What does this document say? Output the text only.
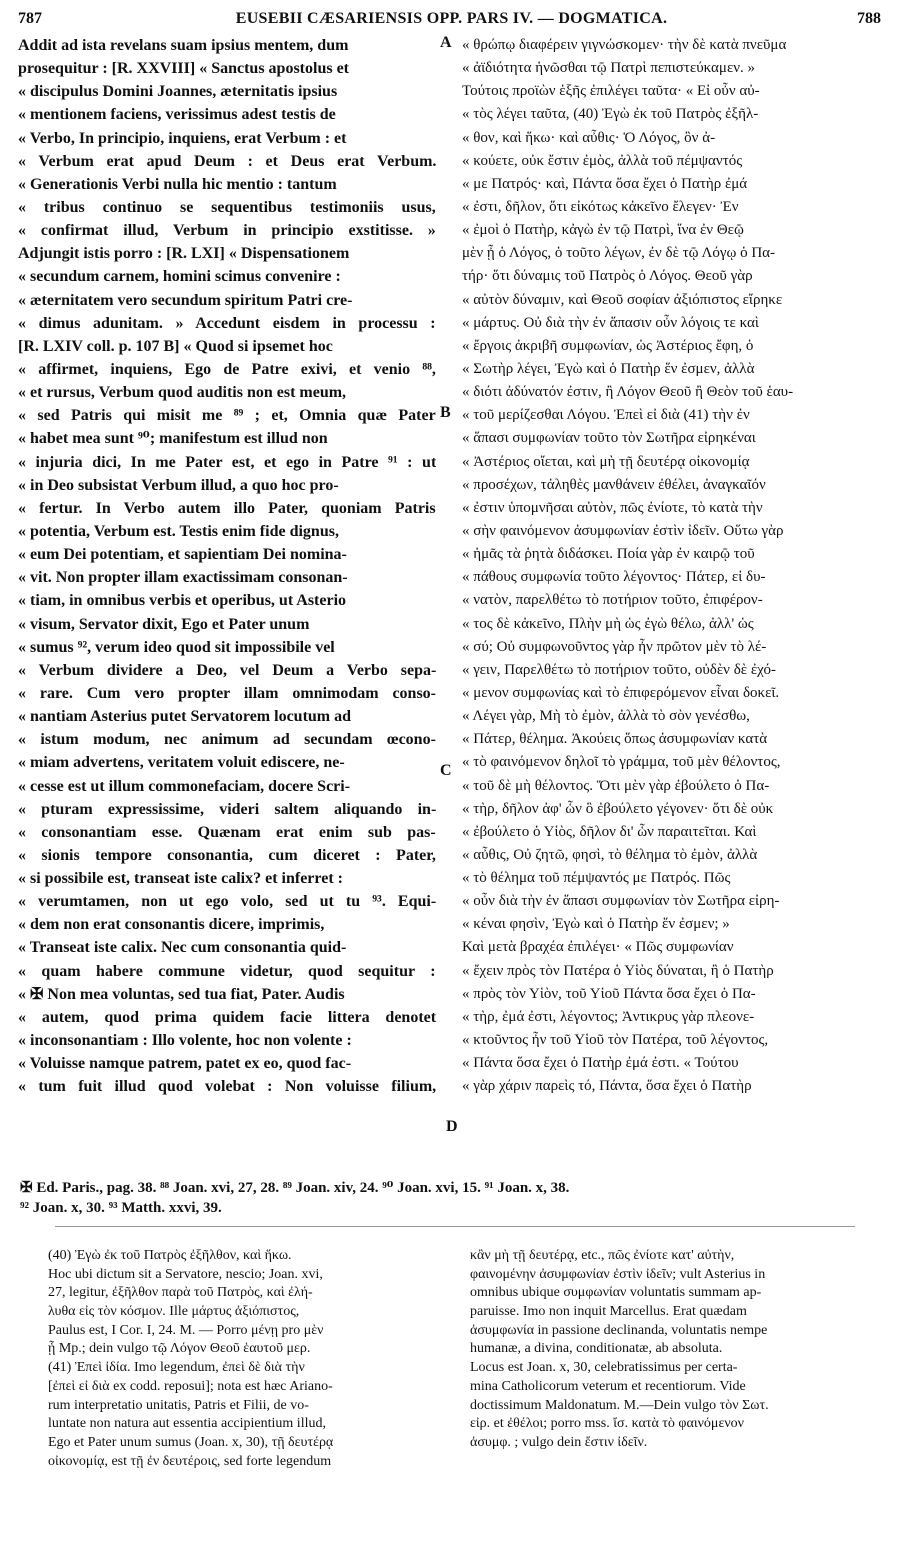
787	EUSEBII CÆSARIENSIS OPP. PARS IV. — DOGMATICA.	788
Addit ad ista revelans suam ipsius mentem, dum
prosequitur : [R. XXVIII] « Sanctus apostolus et
« discipulus Domini Joannes, æternitatis ipsius
« mentionem faciens, verissimus adest testis de
« Verbo, In principio, inquiens, erat Verbum : et
« Verbum erat apud Deum : et Deus erat Verbum.
« Generationis Verbi nulla hic mentio : tantum
« tribus continuo se sequentibus testimoniis usus,
« confirmat illud, Verbum in principio exstitisse. »
Adjungit istis porro : [R. LXI] « Dispensationem
« secundum carnem, homini scimus convenire :
« æternitatem vero secundum spiritum Patri cre-
« dimus adunitam. » Accedunt eisdem in processu :
[R. LXIV coll. p. 107 B] « Quod si ipsemet hoc
« affirmet, inquiens, Ego de Patre exivi, et venio ⁸⁸,
« et rursus, Verbum quod auditis non est meum,
« sed Patris qui misit me ⁸⁹ ; et, Omnia quæ Pater
« habet mea sunt ⁹⁰; manifestum est illud non
« injuria dici, In me Pater est, et ego in Patre ⁹¹ : ut
« in Deo subsistat Verbum illud, a quo hoc pro-
« fertur. In Verbo autem illo Pater, quoniam Patris
« potentia, Verbum est. Testis enim fide dignus,
« eum Dei potentiam, et sapientiam Dei nomina-
« vit. Non propter illam exactissimam consonan-
« tiam, in omnibus verbis et operibus, ut Asterio
« visum, Servator dixit, Ego et Pater unum
« sumus ⁹², verum ideo quod sit impossibile vel
« Verbum dividere a Deo, vel Deum a Verbo sepa-
« rare. Cum vero propter illam omnimodam conso-
« nantiam Asterius putet Servatorem locutum ad
« istum modum, nec animum ad secundam œcono-
« miam advertens, veritatem voluit ediscere, ne-
« cesse est ut illum commonefaciam, docere Scri-
« pturam expressissime, videri saltem aliquando in-
« consonantiam esse. Quænam erat enim sub pas-
« sionis tempore consonantia, cum diceret : Pater,
« si possibile est, transeat iste calix? et inferret :
« verumtamen, non ut ego volo, sed ut tu ⁹³. Equi-
« dem non erat consonantis dicere, imprimis,
« Transeat iste calix. Nec cum consonantia quid-
« quam habere commune videtur, quod sequitur :
« ✠ Non mea voluntas, sed tua fiat, Pater. Audis
« autem, quod prima quidem facie littera denotet
« inconsonantiam : Illo volente, hoc non volente :
« Voluisse namque patrem, patet ex eo, quod fac-
« tum fuit illud quod volebat : Non voluisse filium,
« θρώπῳ διαφέρειν γιγνώσκομεν· τὴν δὲ κατὰ πνεῦμα
« ἀϊδιότητα ἡνῶσθαι τῷ Πατρὶ πεπιστεύκαμεν. »
Τούτοις προϊὼν ἑξῆς ἐπιλέγει ταῦτα· « Εἰ οὖν αὐ-
« τὸς λέγει ταῦτα, (40) Ἐγὼ ἐκ τοῦ Πατρὸς ἐξῆλ-
« θον, καὶ ἥκω· καὶ αὖθις· Ὁ Λόγος, ὃν ἀ-
« κούετε, οὐκ ἔστιν ἐμὸς, ἀλλὰ τοῦ πέμψαντός
« με Πατρός· καὶ, Πάντα ὅσα ἔχει ὁ Πατὴρ ἐμά
« ἐστι, δῆλον, ὅτι εἰκότως κἀκεῖνο ἔλεγεν· Ἐν
« ἐμοὶ ὁ Πατὴρ, κἀγὼ ἐν τῷ Πατρὶ, ἵνα ἐν Θεῷ
μὲν ᾖ ὁ Λόγος, ὁ τοῦτο λέγων, ἐν δὲ τῷ Λόγῳ ὁ Πα-
τήρ· ὅτι δύναμις τοῦ Πατρὸς ὁ Λόγος. Θεοῦ γὰρ
« αὐτὸν δύναμιν, καὶ Θεοῦ σοφίαν ἀξιόπιστος εἴρηκε
« μάρτυς. Οὐ διὰ τὴν ἐν ἅπασιν οὖν λόγοις τε καὶ
« ἔργοις ἀκριβῆ συμφωνίαν, ὡς Ἀστέριος ἔφη, ὁ
« Σωτὴρ λέγει, Ἐγὼ καὶ ὁ Πατὴρ ἕν ἐσμεν, ἀλλὰ
« διότι ἀδύνατόν ἐστιν, ἢ Λόγον Θεοῦ ἢ Θεὸν τοῦ ἑαυ-
« τοῦ μερίζεσθαι Λόγου. Ἐπεὶ εἰ διὰ (41) τὴν ἐν
« ἅπασι συμφωνίαν τοῦτο τὸν Σωτῆρα εἰρηκέναι
« Ἀστέριος οἴεται, καὶ μὴ τῇ δευτέρᾳ οἰκονομίᾳ
« προσέχων, τἀληθὲς μανθάνειν ἐθέλει, ἀναγκαῖόν
« ἐστιν ὑπομνῆσαι αὐτὸν, πῶς ἐνίοτε, τὸ κατὰ τὴν
« σὴν φαινόμενον ἀσυμφωνίαν ἐστὶν ἰδεῖν. Οὕτω γὰρ
« ἡμᾶς τὰ ῥητὰ διδάσκει. Ποία γὰρ ἐν καιρῷ τοῦ
« πάθους συμφωνία τοῦτο λέγοντος· Πάτερ, εἰ δυ-
« νατὸν, παρελθέτω τὸ ποτήριον τοῦτο, ἐπιφέρον-
« τος δὲ κἀκεῖνο, Πλὴν μὴ ὡς ἐγὼ θέλω, ἀλλ' ὡς
« σύ; Οὐ συμφωνοῦντος γὰρ ἦν πρῶτον μὲν τὸ λέ-
« γειν, Παρελθέτω τὸ ποτήριον τοῦτο, οὐδὲν δὲ ἐχό-
« μενον συμφωνίας καὶ τὸ ἐπιφερόμενον εἶναι δοκεῖ.
« Λέγει γὰρ, Μὴ τὸ ἐμὸν, ἀλλὰ τὸ σὸν γενέσθω,
« Πάτερ, θέλημα. Ἀκούεις ὅπως ἀσυμφωνίαν κατὰ
« τὸ φαινόμενον δηλοῖ τὸ γράμμα, τοῦ μὲν θέλοντος,
« τοῦ δὲ μὴ θέλοντος. Ὅτι μὲν γὰρ ἐβούλετο ὁ Πα-
« τὴρ, δῆλον ἀφ' ὧν ὃ ἐβούλετο γέγονεν· ὅτι δὲ οὐκ
« ἐβούλετο ὁ Υἱὸς, δῆλον δι' ὧν παραιτεῖται. Καὶ
« αὖθις, Οὐ ζητῶ, φησὶ, τὸ θέλημα τὸ ἐμὸν, ἀλλὰ
« τὸ θέλημα τοῦ πέμψαντός με Πατρός. Πῶς
« οὖν διὰ τὴν ἐν ἅπασι συμφωνίαν τὸν Σωτῆρα εἰρη-
« κέναι φησὶν, Ἐγὼ καὶ ὁ Πατὴρ ἕν ἐσμεν; »
Καὶ μετὰ βραχέα ἐπιλέγει· « Πῶς συμφωνίαν
« ἔχειν πρὸς τὸν Πατέρα ὁ Υἱὸς δύναται, ἢ ὁ Πατὴρ
« πρὸς τὸν Υἱὸν, τοῦ Υἱοῦ Πάντα ὅσα ἔχει ὁ Πα-
« τὴρ, ἐμά ἐστι, λέγοντος; Ἀντικρυς γὰρ πλεονε-
« κτοῦντος ἦν τοῦ Υἱοῦ τὸν Πατέρα, τοῦ λέγοντος,
« Πάντα ὅσα ἔχει ὁ Πατὴρ ἐμά ἐστι. « Τούτου
« γὰρ χάριν παρεὶς τό, Πάντα, ὅσα ἔχει ὁ Πατὴρ
A
B
C
D
✠ Ed. Paris., pag. 38. ⁸⁸ Joan. xvi, 27, 28. ⁸⁹ Joan. xiv, 24. ⁹⁰ Joan. xvi, 15. ⁹¹ Joan. x, 38.
⁹² Joan. x, 30. ⁹³ Matth. xxvi, 39.
(40) Ἐγὼ ἐκ τοῦ Πατρὸς ἐξῆλθον, καὶ ἥκω.
Hoc ubi dictum sit a Servatore, nescio; Joan. xvi,
27, legitur, ἐξῆλθον παρὰ τοῦ Πατρὸς, καὶ ἐλή-
λυθα εἰς τὸν κόσμον. Ille μάρτυς ἀξιόπιστος,
Paulus est, I Cor. I, 24. M. — Porro μένῃ pro μὲν
ᾖ Mp.; dein vulgo τῷ Λόγον Θεοῦ ἑαυτοῦ μερ.
(41) Ἐπεὶ ἰδία. Imo legendum, ἐπεὶ δὲ διὰ τὴν
[ἐπεὶ εἰ διὰ ex codd. reposui]; nota est hæc Ariano-
rum interpretatio unitatis, Patris et Filii, de vo-
luntate non natura aut essentia accipientium illud,
Ego et Pater unum sumus (Joan. x, 30), τῇ δευτέρᾳ
οἰκονομίᾳ, est τῇ ἐν δευτέροις, sed forte legendum
κἂν μὴ τῇ δευτέρᾳ, etc., πῶς ἐνίοτε κατ' αὐτὴν,
φαινομένην ἀσυμφωνίαν ἐστὶν ἰδεῖν; vult Asterius in
omnibus ubique συμφωνίαν voluntatis summam ap-
paruisse. Imo non inquit Marcellus. Erat quædam
ἀσυμφωνία in passione declinanda, voluntatis nempe
humanæ, a divina, conditionatæ, ab absoluta.
Locus est Joan. x, 30, celebratissimus per certa-
mina Catholicorum veterum et recentiorum. Vide
doctissimum Maldonatum. M.—Dein vulgo τὸν Σωτ.
εἰρ. et ἐθέλοι; porro mss. ἴσ. κατὰ τὸ φαινόμενον
ἀσυμφ. ; vulgo dein ἔστιν ἰδεῖν.
